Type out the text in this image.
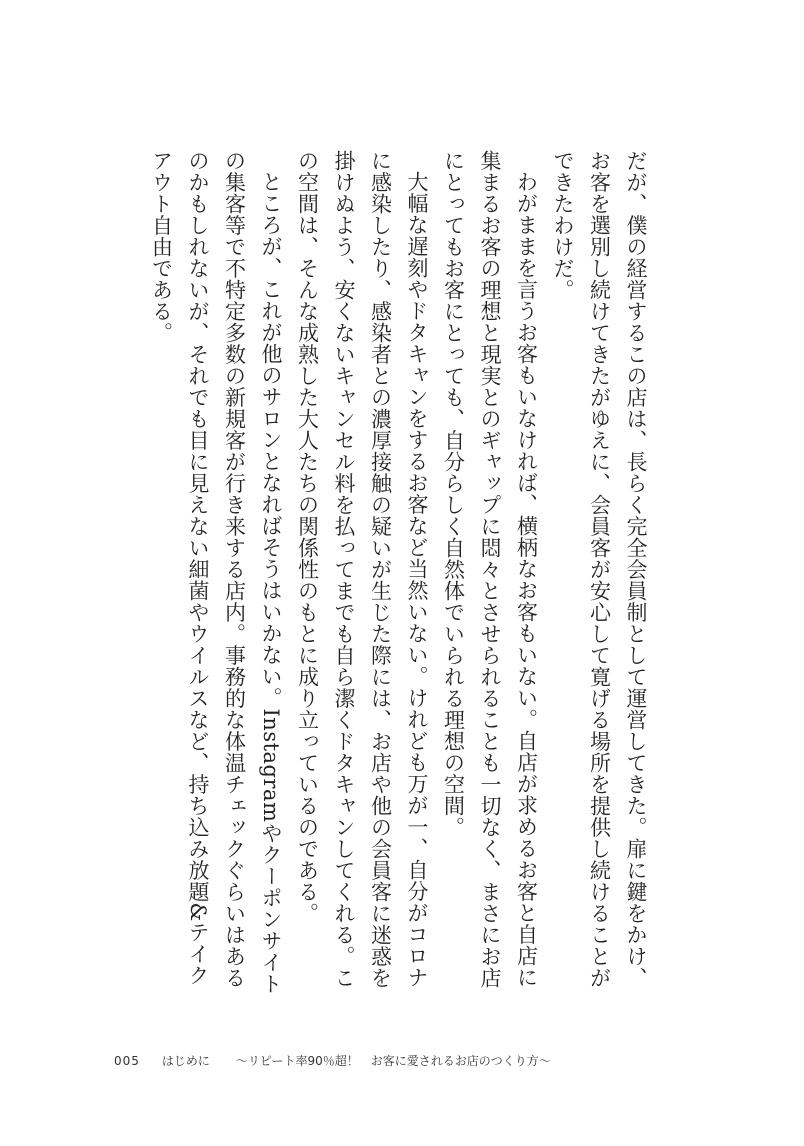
だが、僕の経営するこの店は、長らく完全会員制として運営してきた。扉に鍵をかけ、お客を選別し続けてきたがゆえに、会員客が安心して寛げる場所を提供し続けることができたわけだ。

わがままを言うお客もいなければ、横柄なお客もいない。自店が求めるお客と自店に集まるお客の理想と現実とのギャップに悶々とさせられることも一切なく、まさにお店にとってもお客にとっても、自分らしく自然体でいられる理想の空間。

大幅な遅刻やドタキャンをするお客など当然いない。けれども万が一、自分がコロナに感染したり、感染者との濃厚接触の疑いが生じた際には、お店や他の会員客に迷惑を掛けぬよう、安くないキャンセル料を払ってまでも自ら潔くドタキャンしてくれる。この空間は、そんな成熟した大人たちの関係性のもとに成り立っているのである。

ところが、これが他のサロンとなればそうはいかない。Instagramやクーポンサイトの集客等で不特定多数の新規客が行き来する店内。事務的な体温チェックぐらいはあるのかもしれないが、それでも目に見えない細菌やウイルスなど、持ち込み放題&テイクアウト自由である。

005 はじめに 〜リピート率90％超！　お客に愛されるお店のつくり方〜
